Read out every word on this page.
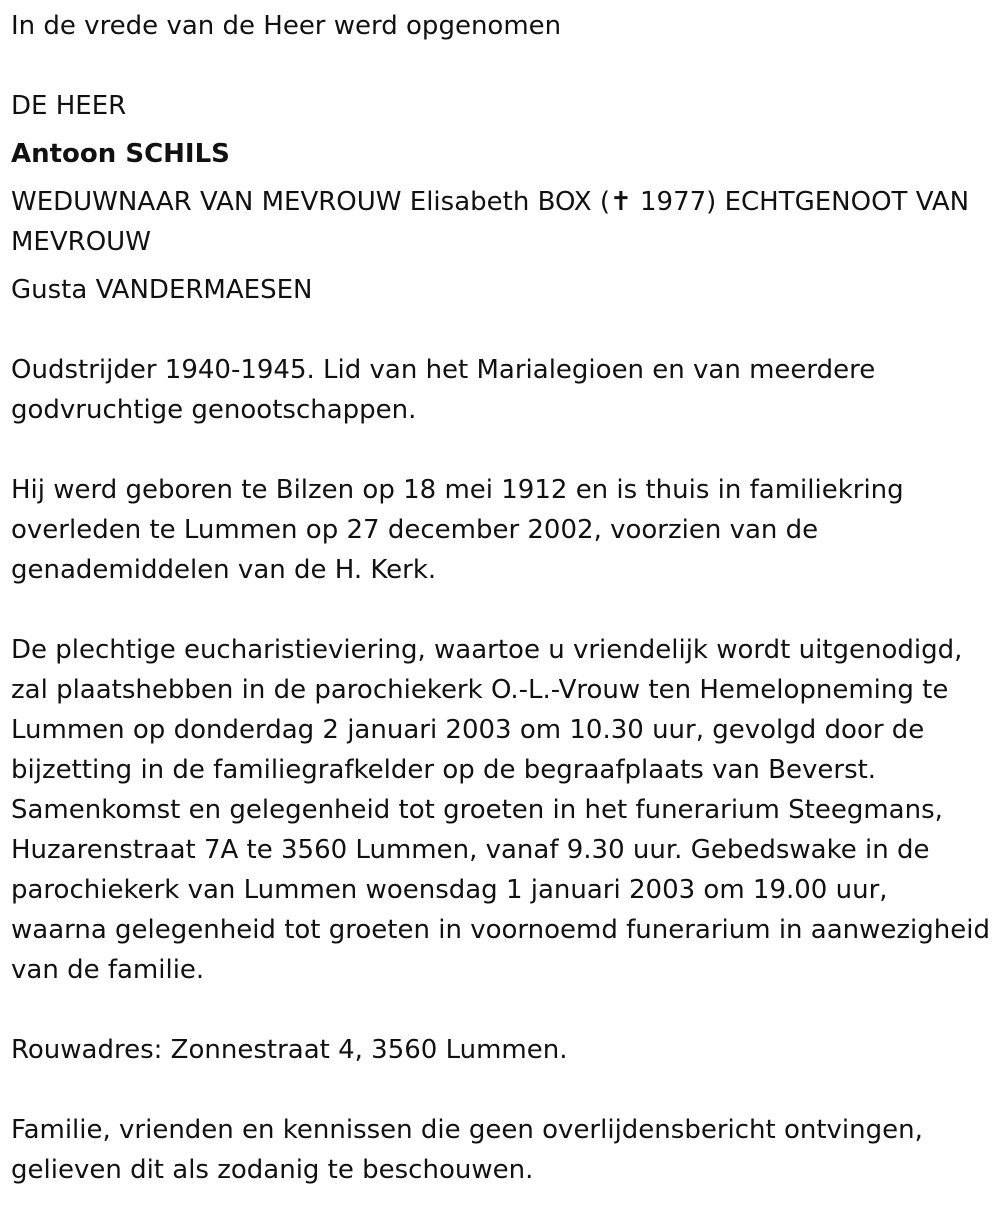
In de vrede van de Heer werd opgenomen

DE HEER

Antoon SCHILS

WEDUWNAAR VAN MEVROUW Elisabeth BOX (✝ 1977) ECHTGENOOT VAN MEVROUW

Gusta VANDERMAESEN

Oudstrijder 1940-1945. Lid van het Marialegioen en van meerdere godvruchtige genootschappen.

Hij werd geboren te Bilzen op 18 mei 1912 en is thuis in familiekring overleden te Lummen op 27 december 2002, voorzien van de genademiddelen van de H. Kerk.

De plechtige eucharistieviering, waartoe u vriendelijk wordt uitgenodigd, zal plaatshebben in de parochiekerk O.-L.-Vrouw ten Hemelopneming te Lummen op donderdag 2 januari 2003 om 10.30 uur, gevolgd door de bijzetting in de familiegrafkelder op de begraafplaats van Beverst. Samenkomst en gelegenheid tot groeten in het funerarium Steegmans, Huzarenstraat 7A te 3560 Lummen, vanaf 9.30 uur. Gebedswake in de parochiekerk van Lummen woensdag 1 januari 2003 om 19.00 uur, waarna gelegenheid tot groeten in voornoemd funerarium in aanwezigheid van de familie.

Rouwadres: Zonnestraat 4, 3560 Lummen.

Familie, vrienden en kennissen die geen overlijdensbericht ontvingen, gelieven dit als zodanig te beschouwen.
